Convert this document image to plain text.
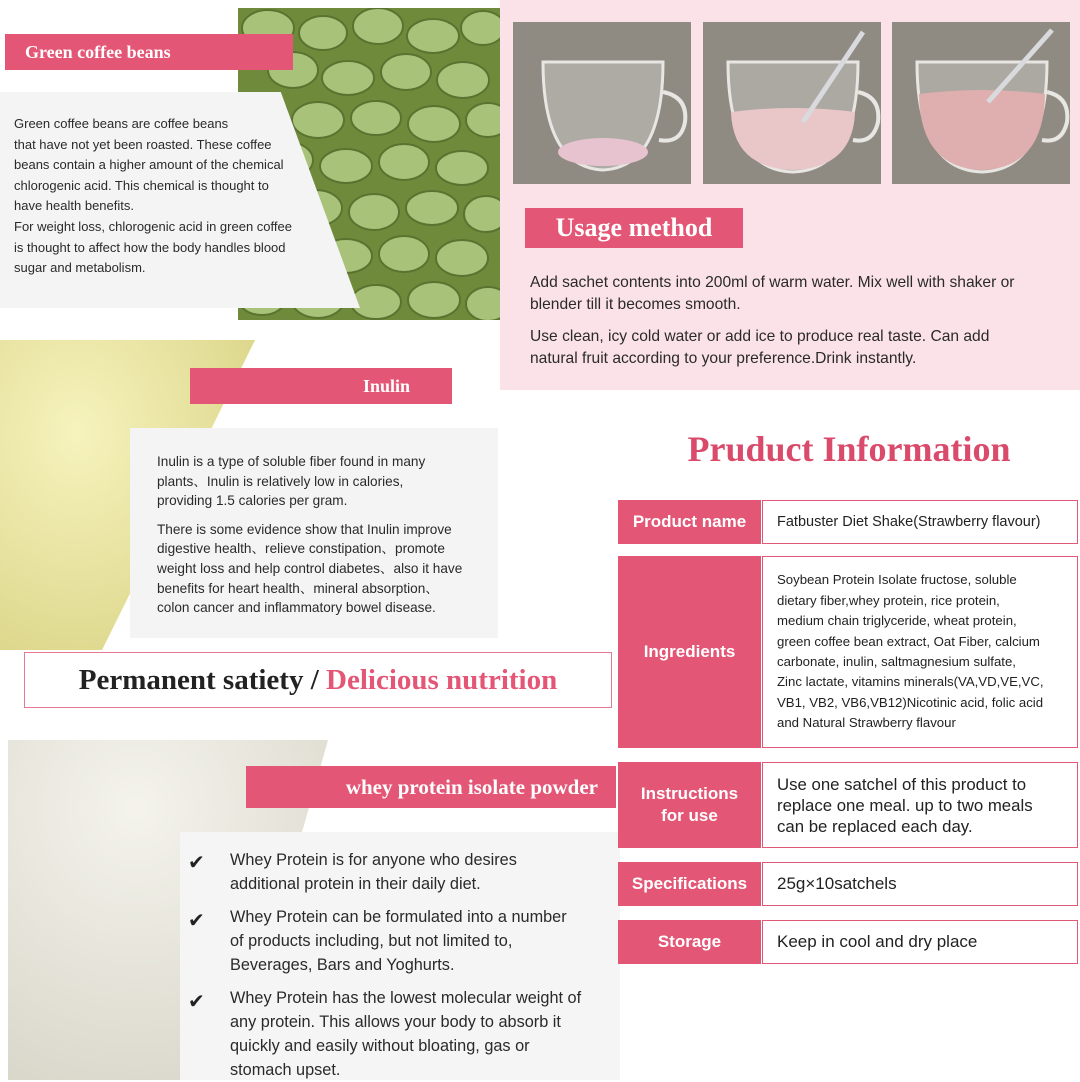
Green coffee beans
Green coffee beans are coffee beans
that have not yet been roasted. These coffee
beans contain a higher amount of the chemical
chlorogenic acid. This chemical is thought to
have health benefits.
For weight loss, chlorogenic acid in green coffee
is thought to affect how the body handles blood
sugar and metabolism.
Inulin
Inulin is a type of soluble fiber found in many
plants、Inulin is relatively low in calories,
providing 1.5 calories per gram.
There is some evidence show that Inulin improve
digestive health、relieve constipation、promote
weight loss and help control diabetes、also it have
benefits for heart health、mineral absorption、
colon cancer and inflammatory bowel disease.
Permanent satiety / Delicious nutrition
whey protein isolate powder
✔ Whey Protein is for anyone who desires
additional protein in their daily diet.
✔ Whey Protein can be formulated into a number
of products including, but not limited to,
Beverages, Bars and Yoghurts.
✔ Whey Protein has the lowest molecular weight of
any protein. This allows your body to absorb it
quickly and easily without bloating, gas or
stomach upset.
Usage method
Add sachet contents into 200ml of warm water. Mix well with shaker or
blender till it becomes smooth.
Use clean, icy cold water or add ice to produce real taste. Can add
natural fruit according to your preference.Drink instantly.
Pruduct Information
Product name Fatbuster Diet Shake(Strawberry flavour)
Ingredients
Soybean Protein Isolate fructose, soluble
dietary fiber,whey protein, rice protein,
medium chain triglyceride, wheat protein,
green coffee bean extract, Oat Fiber, calcium
carbonate, inulin, saltmagnesium sulfate,
Zinc lactate, vitamins minerals(VA,VD,VE,VC,
VB1, VB2, VB6,VB12)Nicotinic acid, folic acid
and Natural Strawberry flavour
Instructions
for use
Use one satchel of this product to
replace one meal. up to two meals
can be replaced each day.
Specifications 25g×10satchels
Storage	Keep in cool and dry place
